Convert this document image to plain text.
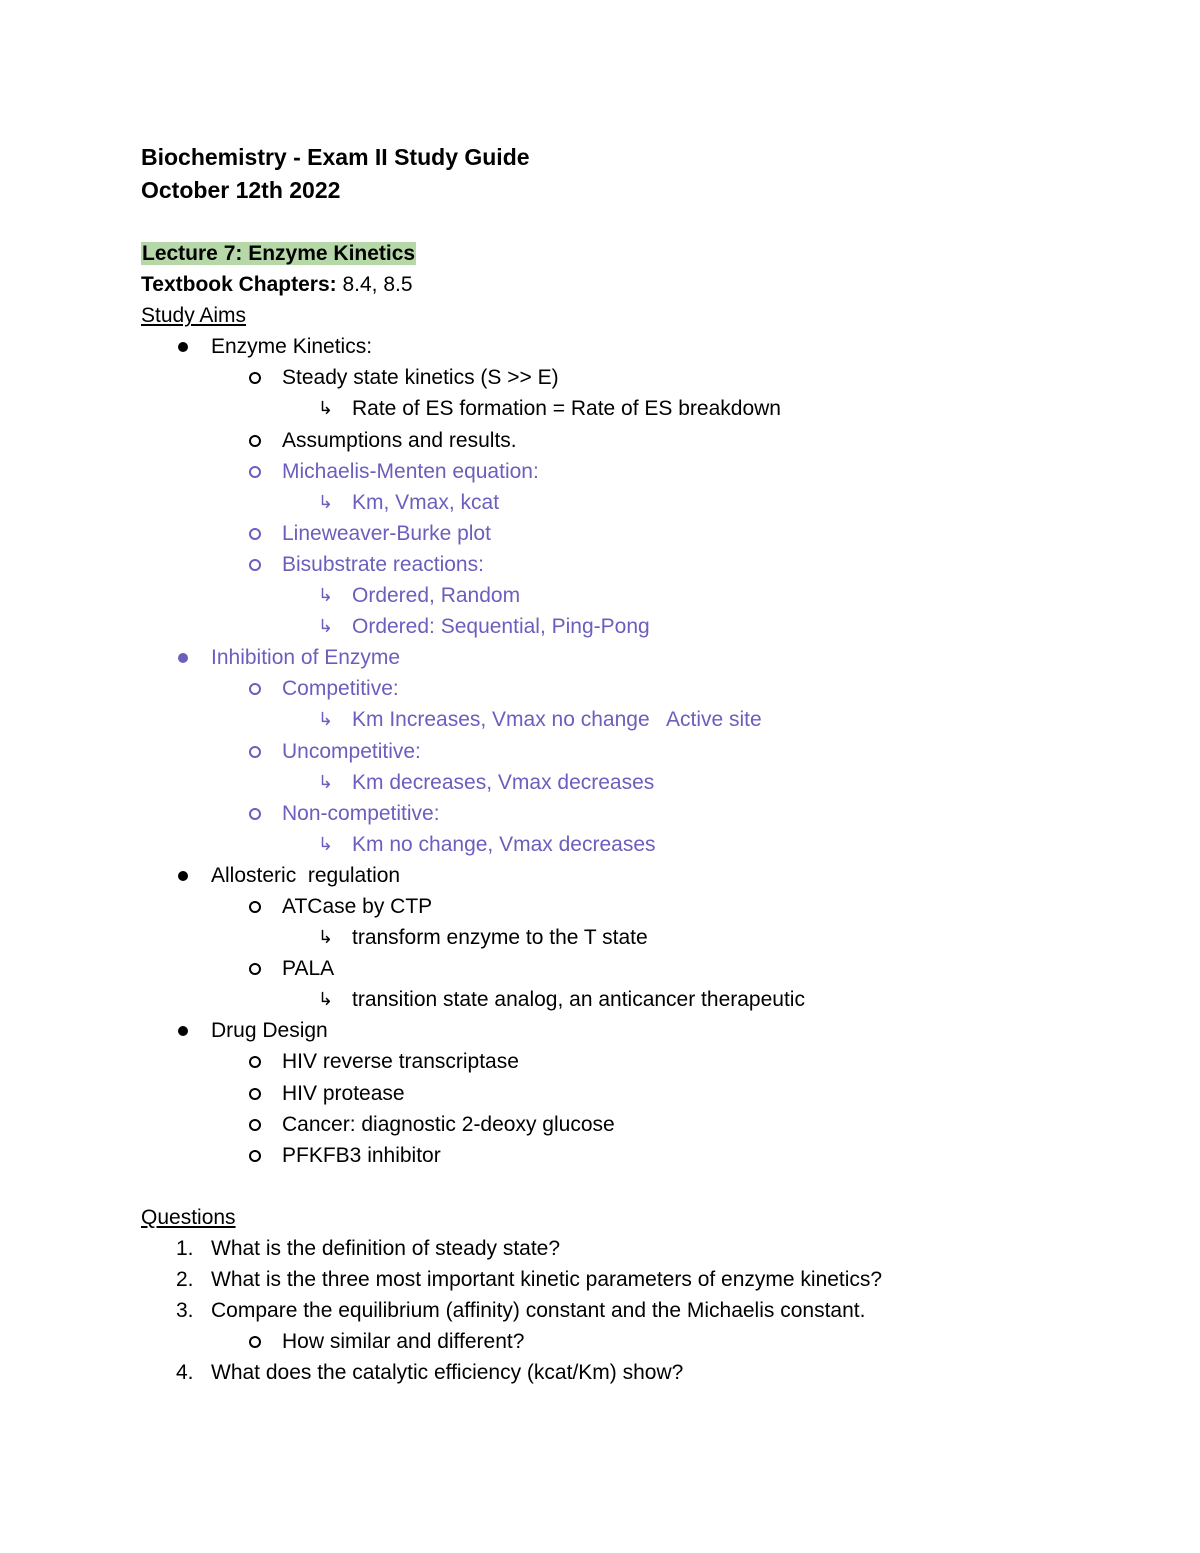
Biochemistry - Exam II Study Guide
October 12th 2022
Lecture 7: Enzyme Kinetics
Textbook Chapters: 8.4, 8.5
Study Aims
Enzyme Kinetics:
Steady state kinetics (S >> E)
↳ Rate of ES formation = Rate of ES breakdown
Assumptions and results.
Michaelis-Menten equation:
↳ Km, Vmax, kcat
Lineweaver-Burke plot
Bisubstrate reactions:
↳ Ordered, Random
↳ Ordered: Sequential, Ping-Pong
Inhibition of Enzyme
Competitive:
↳ Km Increases, Vmax no change   Active site
Uncompetitive:
↳ Km decreases, Vmax decreases
Non-competitive:
↳ Km no change, Vmax decreases
Allosteric  regulation
ATCase by CTP
↳ transform enzyme to the T state
PALA
↳ transition state analog, an anticancer therapeutic
Drug Design
HIV reverse transcriptase
HIV protease
Cancer: diagnostic 2-deoxy glucose
PFKFB3 inhibitor
Questions
1. What is the definition of steady state?
2. What is the three most important kinetic parameters of enzyme kinetics?
3. Compare the equilibrium (affinity) constant and the Michaelis constant.
How similar and different?
4. What does the catalytic efficiency (kcat/Km) show?
